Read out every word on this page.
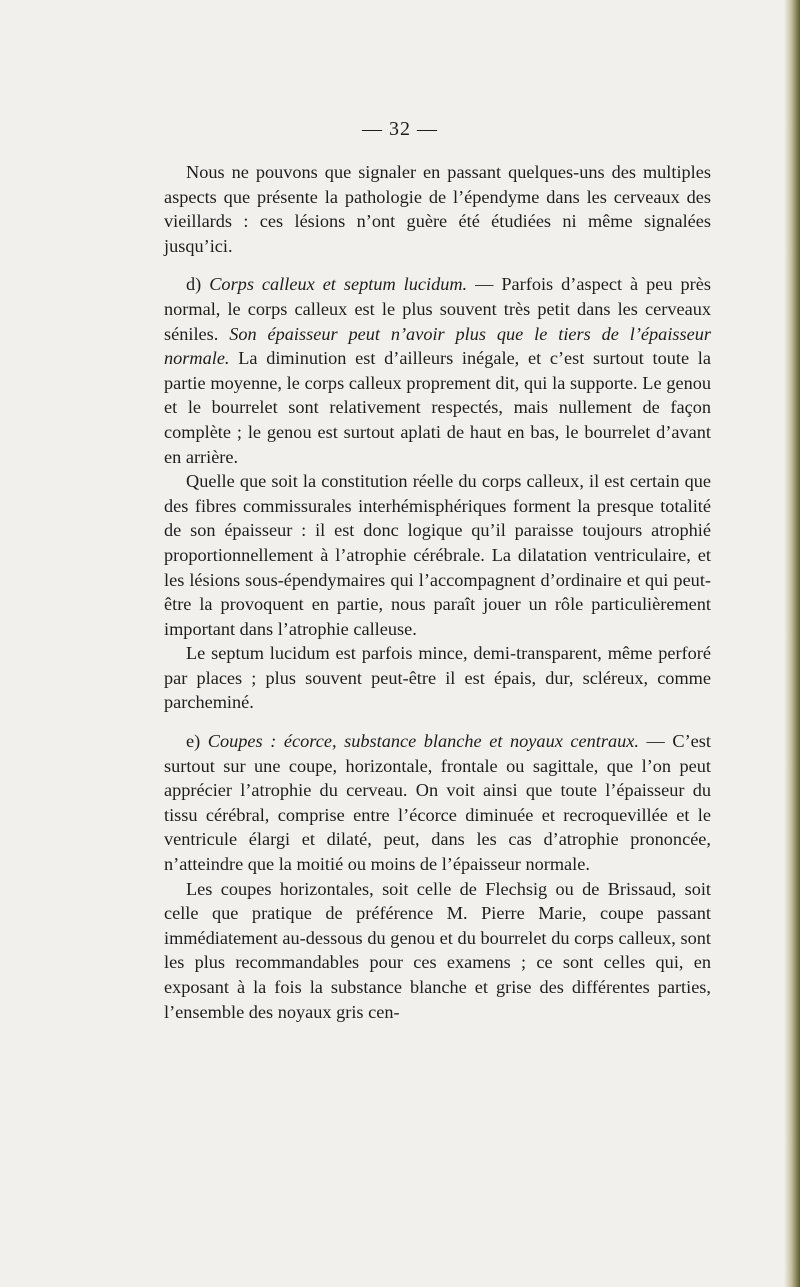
— 32 —

Nous ne pouvons que signaler en passant quelques-uns des multiples aspects que présente la pathologie de l’épendyme dans les cerveaux des vieillards : ces lésions n’ont guère été étudiées ni même signalées jusqu’ici.

d) Corps calleux et septum lucidum. — Parfois d’aspect à peu près normal, le corps calleux est le plus souvent très petit dans les cerveaux séniles. Son épaisseur peut n’avoir plus que le tiers de l’épaisseur normale. La diminution est d’ailleurs inégale, et c’est surtout toute la partie moyenne, le corps calleux proprement dit, qui la supporte. Le genou et le bourrelet sont relativement respectés, mais nullement de façon complète ; le genou est surtout aplati de haut en bas, le bourrelet d’avant en arrière.

Quelle que soit la constitution réelle du corps calleux, il est certain que des fibres commissurales interhémisphériques forment la presque totalité de son épaisseur : il est donc logique qu’il paraisse toujours atrophié proportionnellement à l’atrophie cérébrale. La dilatation ventriculaire, et les lésions sous-épendymaires qui l’accompagnent d’ordinaire et qui peut-être la provoquent en partie, nous paraît jouer un rôle particulièrement important dans l’atrophie calleuse.

Le septum lucidum est parfois mince, demi-transparent, même perforé par places ; plus souvent peut-être il est épais, dur, scléreux, comme parcheminé.

e) Coupes : écorce, substance blanche et noyaux centraux. — C’est surtout sur une coupe, horizontale, frontale ou sagittale, que l’on peut apprécier l’atrophie du cerveau. On voit ainsi que toute l’épaisseur du tissu cérébral, comprise entre l’écorce diminuée et recroquevillée et le ventricule élargi et dilaté, peut, dans les cas d’atrophie prononcée, n’atteindre que la moitié ou moins de l’épaisseur normale.

Les coupes horizontales, soit celle de Flechsig ou de Brissaud, soit celle que pratique de préférence M. Pierre Marie, coupe passant immédiatement au-dessous du genou et du bourrelet du corps calleux, sont les plus recommandables pour ces examens ; ce sont celles qui, en exposant à la fois la substance blanche et grise des différentes parties, l’ensemble des noyaux gris cen-
